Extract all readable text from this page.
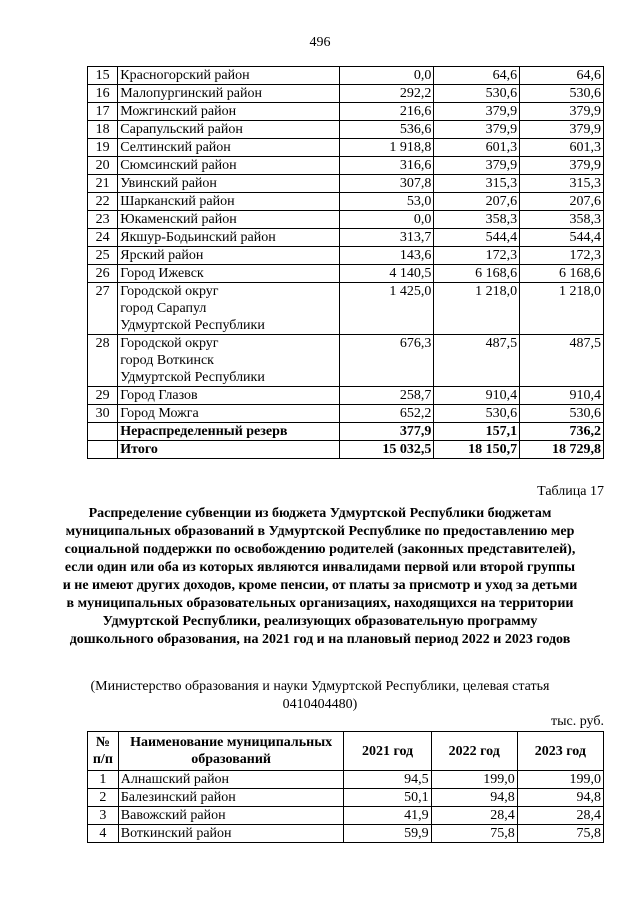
496
15	Красногорский район	0,0	64,6	64,6
16	Малопургинский район	292,2	530,6	530,6
17	Можгинский район	216,6	379,9	379,9
18	Сарапульский район	536,6	379,9	379,9
19	Селтинский район	1 918,8	601,3	601,3
20	Сюмсинский район	316,6	379,9	379,9
21	Увинский район	307,8	315,3	315,3
22	Шарканский район	53,0	207,6	207,6
23	Юкаменский район	0,0	358,3	358,3
24	Якшур-Бодьинский район	313,7	544,4	544,4
25	Ярский район	143,6	172,3	172,3
26	Город Ижевск	4 140,5	6 168,6	6 168,6
27	Городской округ
город Сарапул
Удмуртской Республики	1 425,0	1 218,0	1 218,0
28	Городской округ
город Воткинск
Удмуртской Республики	676,3	487,5	487,5
29	Город Глазов	258,7	910,4	910,4
30	Город Можга	652,2	530,6	530,6
	Нераспределенный резерв	377,9	157,1	736,2
	Итого	15 032,5	18 150,7	18 729,8
Таблица 17
Распределение субвенции из бюджета Удмуртской Республики бюджетам муниципальных образований в Удмуртской Республике по предоставлению мер социальной поддержки по освобождению родителей (законных представителей), если один или оба из которых являются инвалидами первой или второй группы и не имеют других доходов, кроме пенсии, от платы за присмотр и уход за детьми в муниципальных образовательных организациях, находящихся на территории Удмуртской Республики, реализующих образовательную программу дошкольного образования, на 2021 год и на плановый период 2022 и 2023 годов
(Министерство образования и науки Удмуртской Республики, целевая статья 0410404480)
тыс. руб.
№ п/п	Наименование муниципальных образований	2021 год	2022 год	2023 год
1	Алнашский район	94,5	199,0	199,0
2	Балезинский район	50,1	94,8	94,8
3	Вавожский район	41,9	28,4	28,4
4	Воткинский район	59,9	75,8	75,8
